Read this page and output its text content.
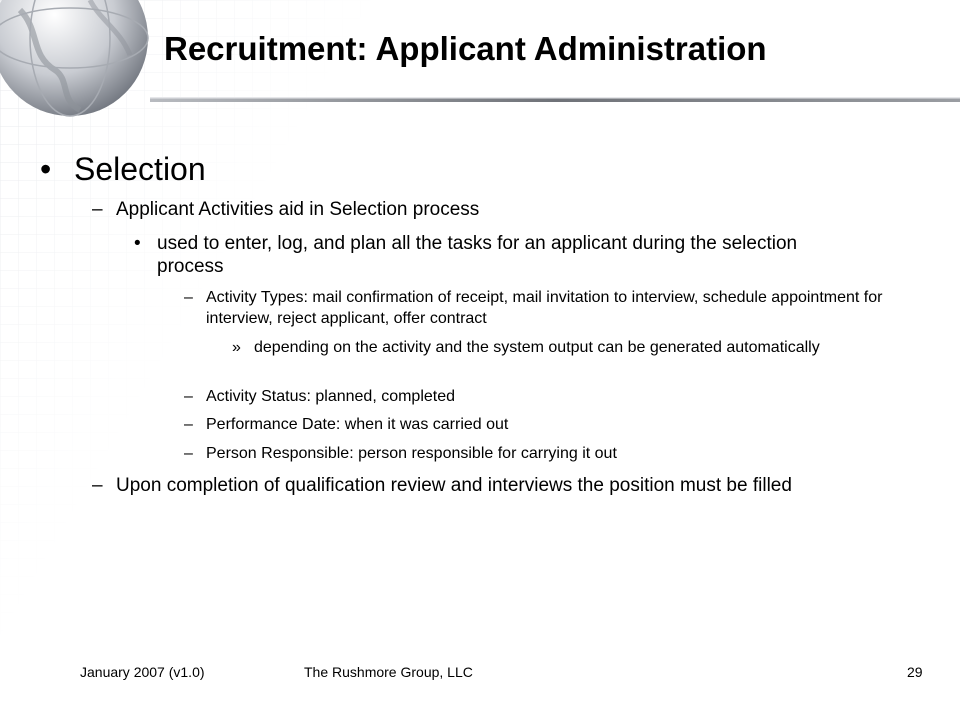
Recruitment: Applicant Administration
• Selection
– Applicant Activities aid in Selection process
• used to enter, log, and plan all the tasks for an applicant during the selection process
– Activity Types: mail confirmation of receipt, mail invitation to interview, schedule appointment for interview, reject applicant, offer contract
» depending on the activity and the system output can be generated automatically
– Activity Status: planned, completed
– Performance Date: when it was carried out
– Person Responsible: person responsible for carrying it out
– Upon completion of qualification review and interviews the position must be filled
January 2007 (v1.0)	The Rushmore Group, LLC	29
